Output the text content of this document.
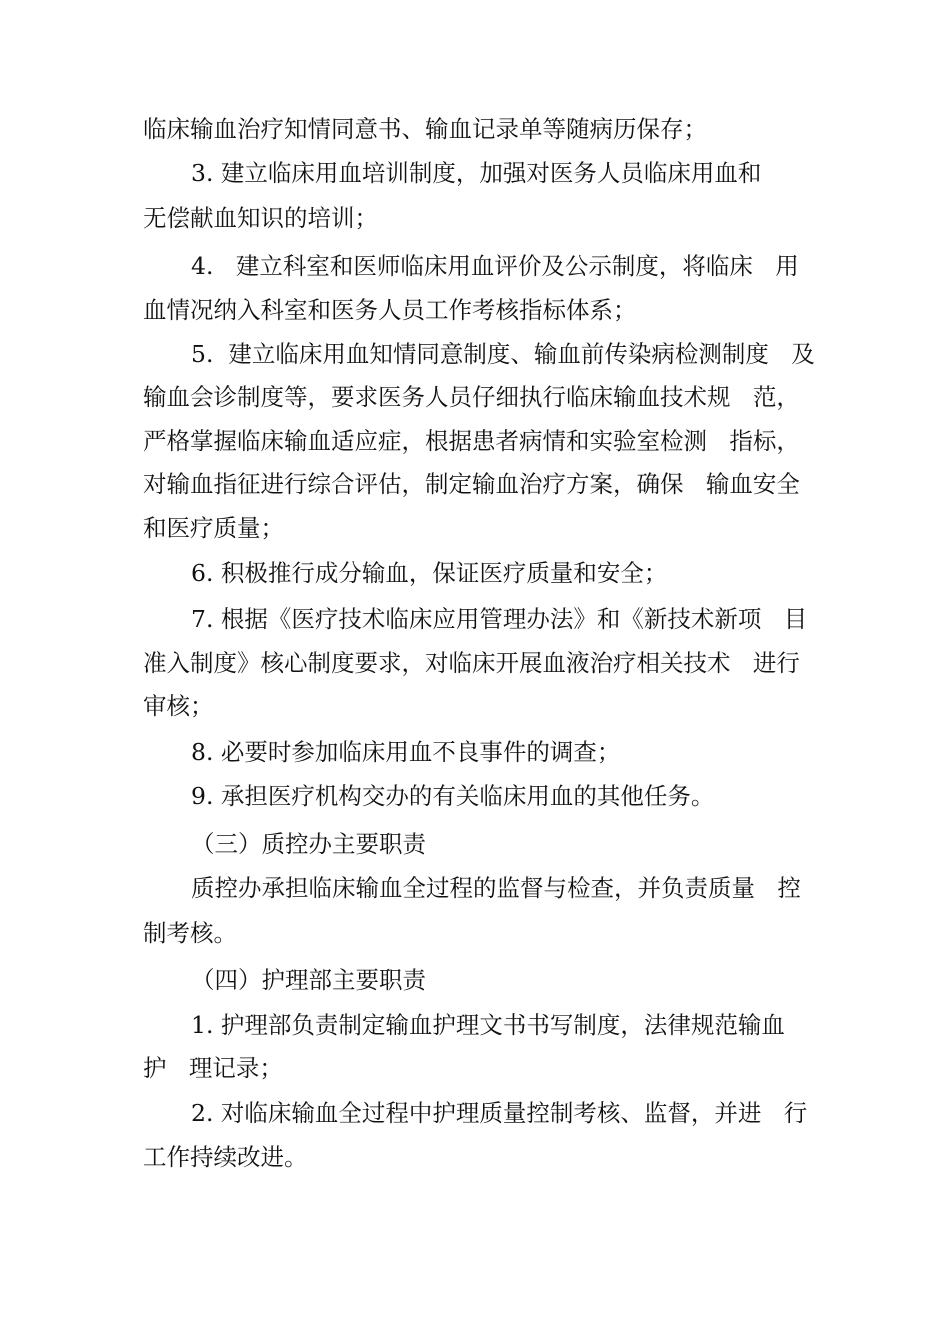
临床输血治疗知情同意书、输血记录单等随病历保存；
3. 建立临床用血培训制度，加强对医务人员临床用血和
无偿献血知识的培训；
4.   建立科室和医师临床用血评价及公示制度，将临床   用
血情况纳入科室和医务人员工作考核指标体系；
5.  建立临床用血知情同意制度、输血前传染病检测制度   及
输血会诊制度等，要求医务人员仔细执行临床输血技术规   范，
严格掌握临床输血适应症，根据患者病情和实验室检测   指标，
对输血指征进行综合评估，制定输血治疗方案，确保   输血安全
和医疗质量；
6. 积极推行成分输血，保证医疗质量和安全；
7. 根据《医疗技术临床应用管理办法》和《新技术新项   目
准入制度》核心制度要求，对临床开展血液治疗相关技术   进行
审核；
8. 必要时参加临床用血不良事件的调查；
9. 承担医疗机构交办的有关临床用血的其他任务。
（三）质控办主要职责
质控办承担临床输血全过程的监督与检查，并负责质量   控
制考核。
（四）护理部主要职责
1. 护理部负责制定输血护理文书书写制度，法律规范输血
护   理记录；
2. 对临床输血全过程中护理质量控制考核、监督，并进   行
工作持续改进。
